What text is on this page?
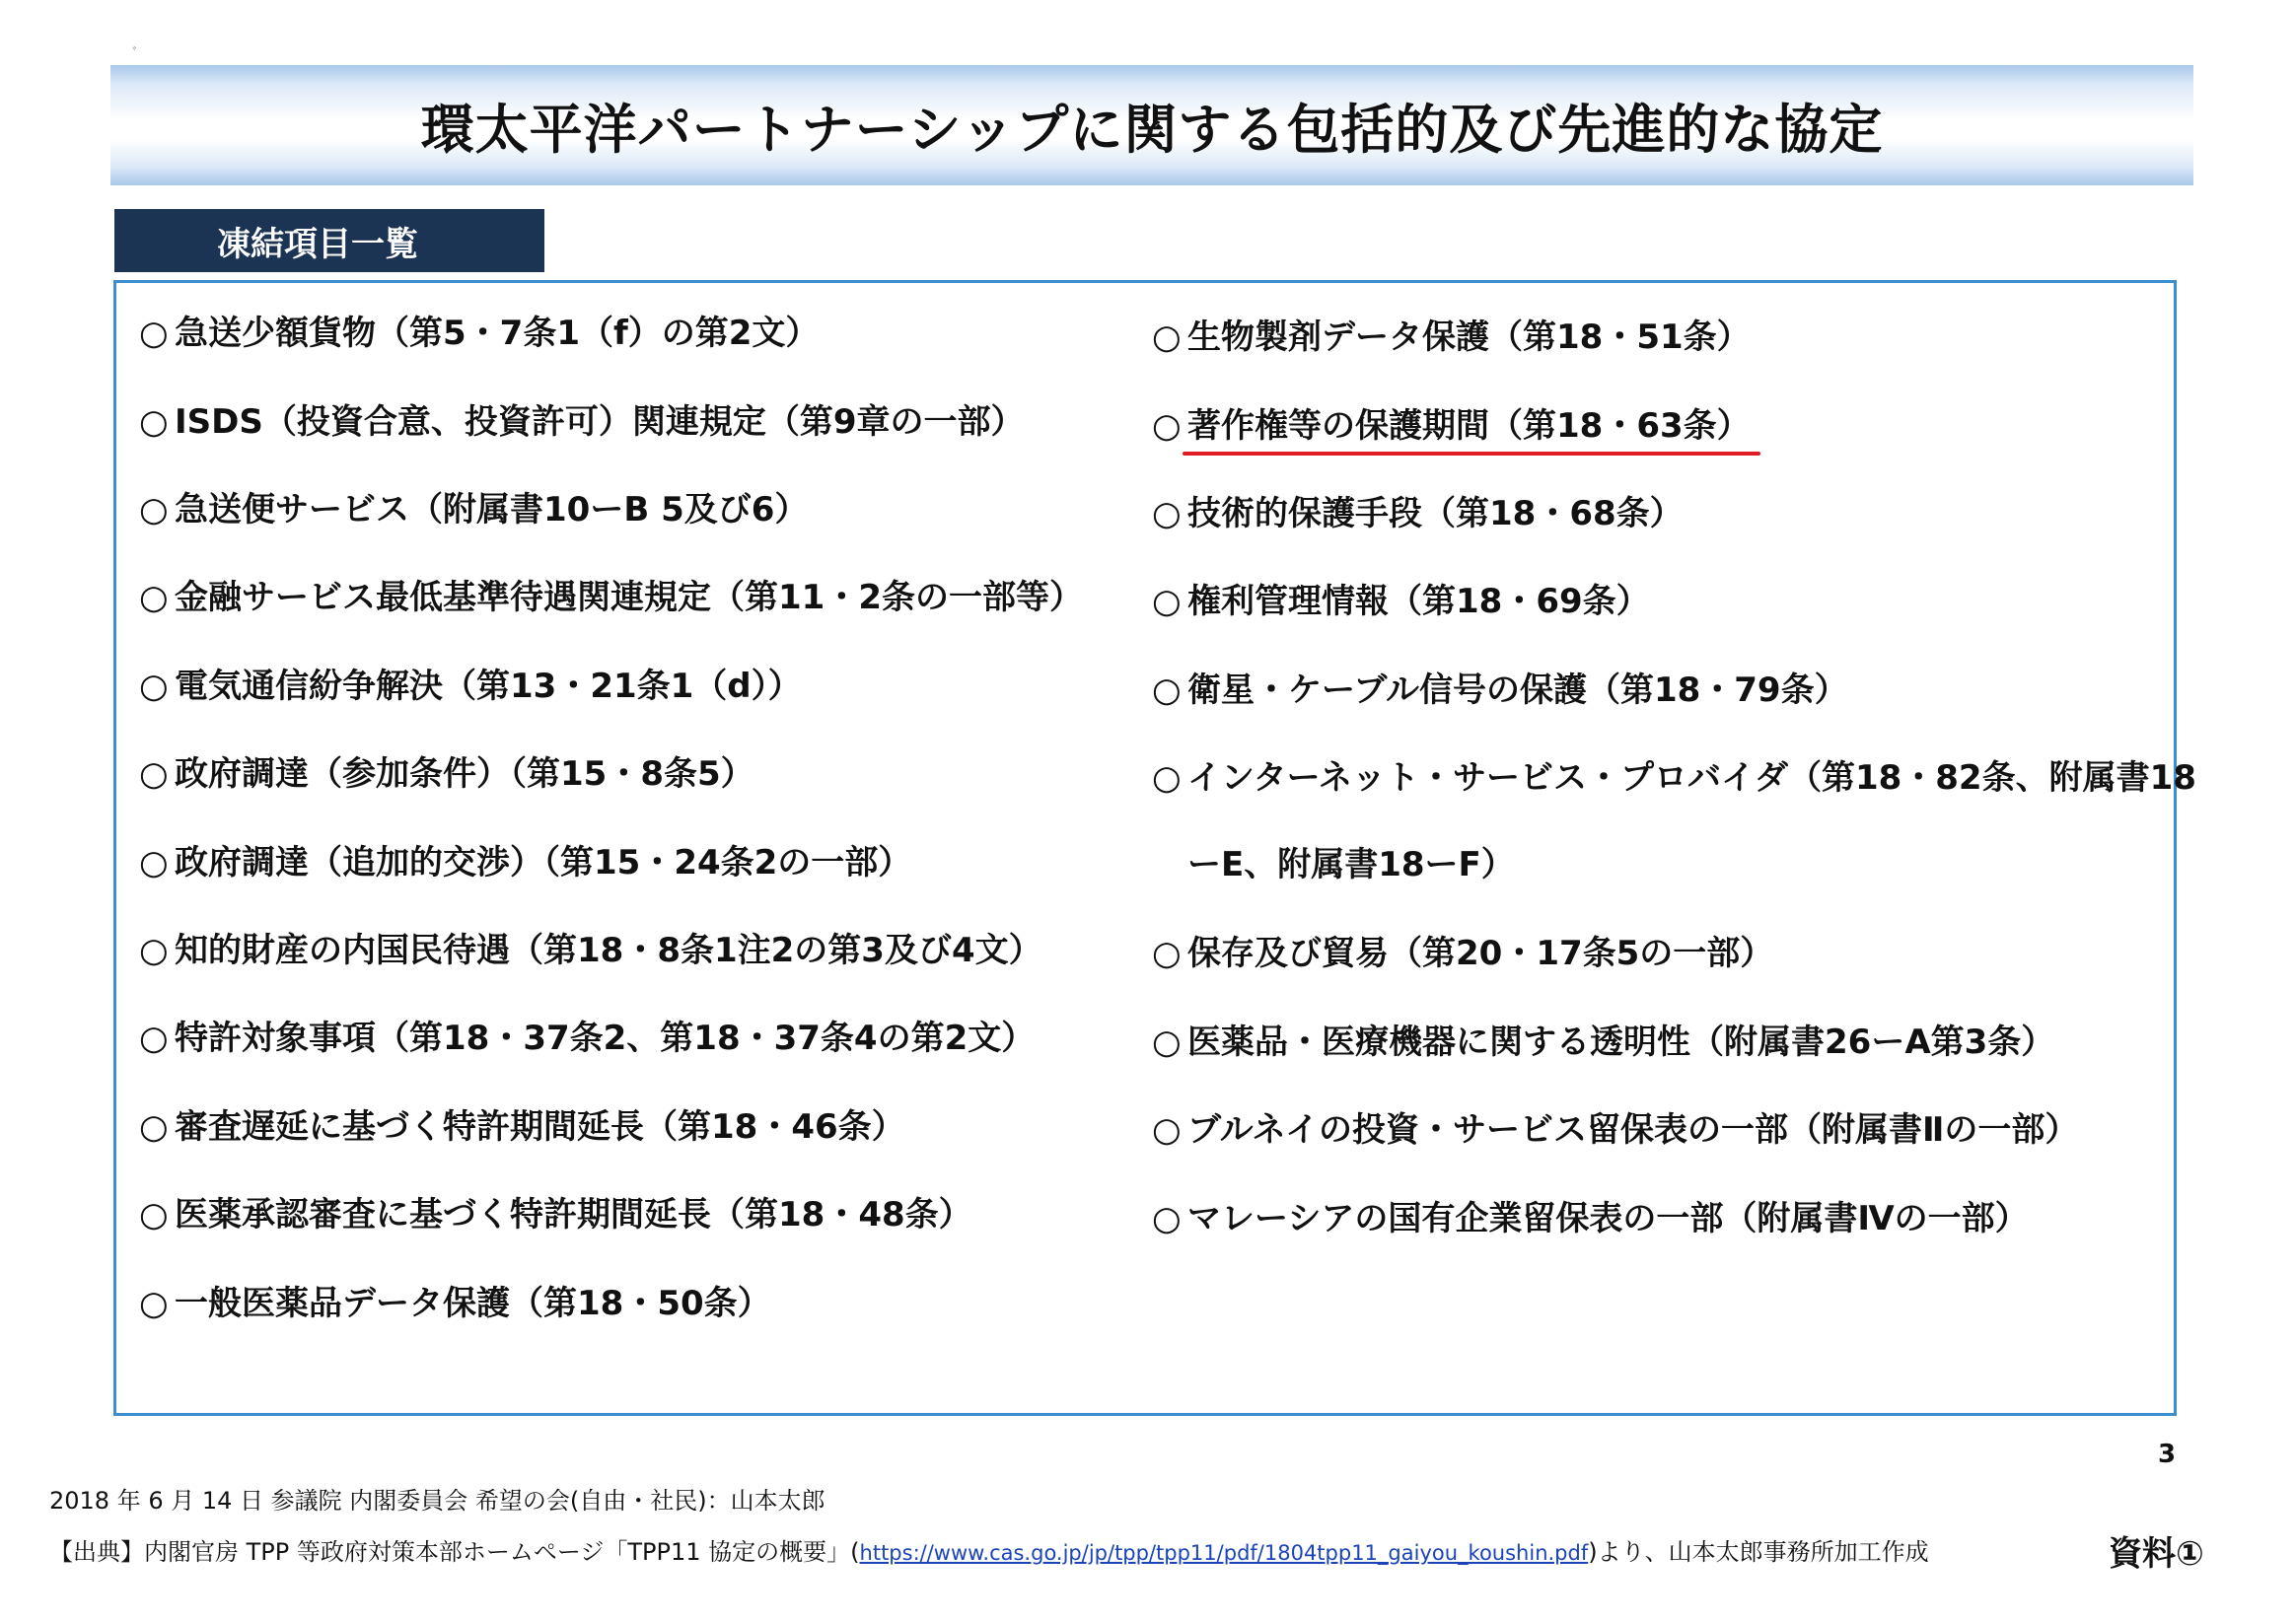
ﾞ
環太平洋パートナーシップに関する包括的及び先進的な協定
凍結項目一覧
○ 急送少額貨物（第5・7条1（f）の第2文）
○ ISDS（投資合意、投資許可）関連規定（第9章の一部）
○ 急送便サービス（附属書10ーB 5及び6）
○ 金融サービス最低基準待遇関連規定（第11・2条の一部等）
○ 電気通信紛争解決（第13・21条1（d））
○ 政府調達（参加条件）（第15・8条5）
○ 政府調達（追加的交渉）（第15・24条2の一部）
○ 知的財産の内国民待遇（第18・8条1注2の第3及び4文）
○ 特許対象事項（第18・37条2、第18・37条4の第2文）
○ 審査遅延に基づく特許期間延長（第18・46条）
○ 医薬承認審査に基づく特許期間延長（第18・48条）
○ 一般医薬品データ保護（第18・50条）
○ 生物製剤データ保護（第18・51条）
○ 著作権等の保護期間（第18・63条）
○ 技術的保護手段（第18・68条）
○ 権利管理情報（第18・69条）
○ 衛星・ケーブル信号の保護（第18・79条）
○ インターネット・サービス・プロバイダ（第18・82条、附属書18
ーE、附属書18ーF）
○ 保存及び貿易（第20・17条5の一部）
○ 医薬品・医療機器に関する透明性（附属書26ーA第3条）
○ ブルネイの投資・サービス留保表の一部（附属書Ⅱの一部）
○ マレーシアの国有企業留保表の一部（附属書Ⅳの一部）
3
2018 年 6 月 14 日 参議院 内閣委員会 希望の会(自由・社民)：山本太郎
【出典】内閣官房 TPP 等政府対策本部ホームページ「TPP11 協定の概要」(https://www.cas.go.jp/jp/tpp/tpp11/pdf/1804tpp11_gaiyou_koushin.pdf)より、山本太郎事務所加工作成	資料①
